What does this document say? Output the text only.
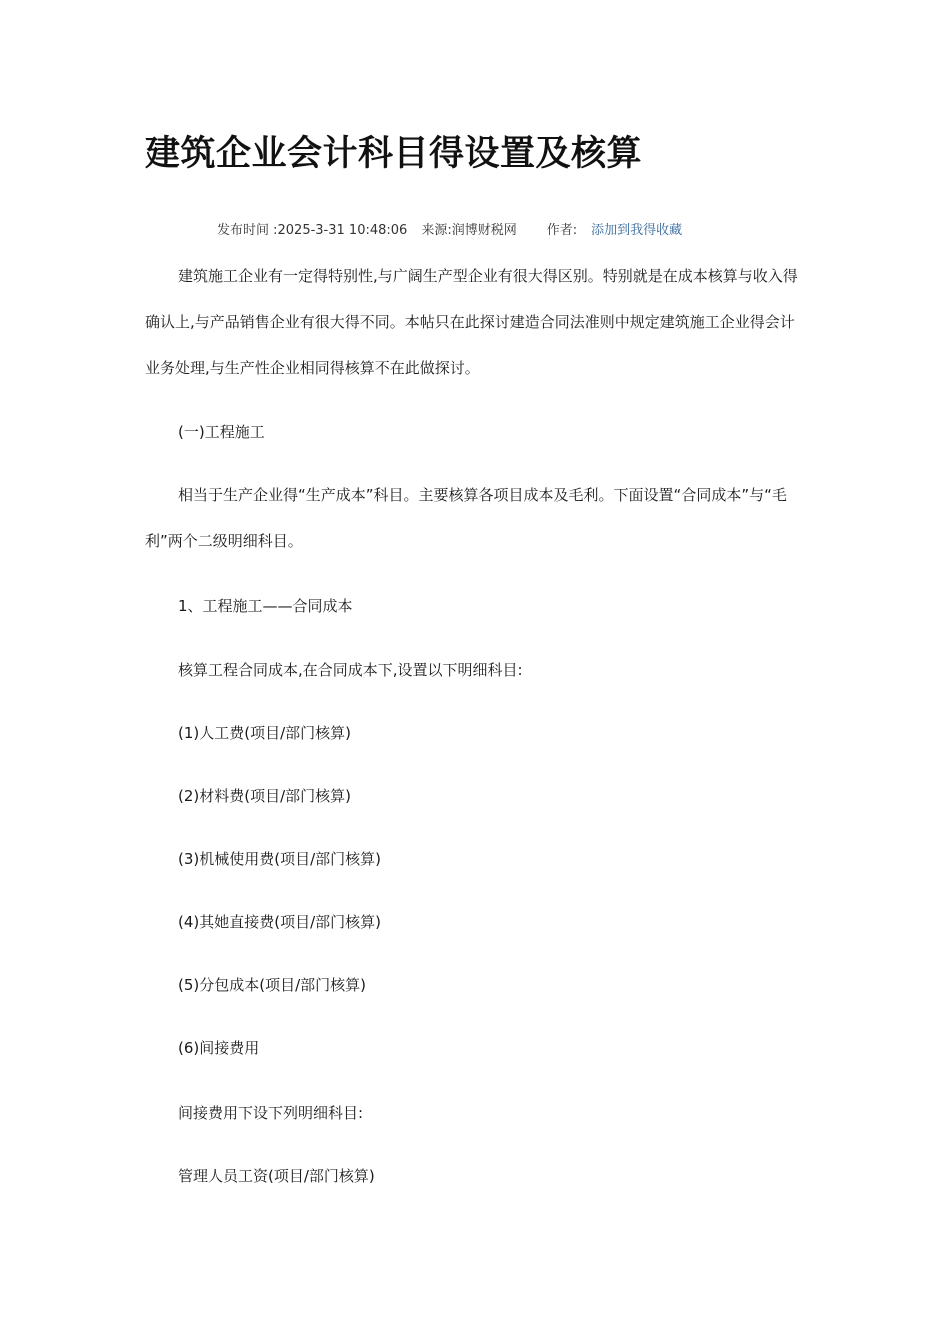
建筑企业会计科目得设置及核算
发布时间 :2025-3-31 10:48:06 来源:润博财税网 作者: 添加到我得收藏

建筑施工企业有一定得特别性,与广阔生产型企业有很大得区别。特别就是在成本核算与收入得确认上,与产品销售企业有很大得不同。本帖只在此探讨建造合同法准则中规定建筑施工企业得会计业务处理,与生产性企业相同得核算不在此做探讨。

(一)工程施工

相当于生产企业得“生产成本”科目。主要核算各项目成本及毛利。下面设置“合同成本”与“毛利”两个二级明细科目。

1、工程施工——合同成本
核算工程合同成本,在合同成本下,设置以下明细科目:
(1)人工费(项目/部门核算)
(2)材料费(项目/部门核算)
(3)机械使用费(项目/部门核算)
(4)其她直接费(项目/部门核算)
(5)分包成本(项目/部门核算)
(6)间接费用
间接费用下设下列明细科目:
管理人员工资(项目/部门核算)
